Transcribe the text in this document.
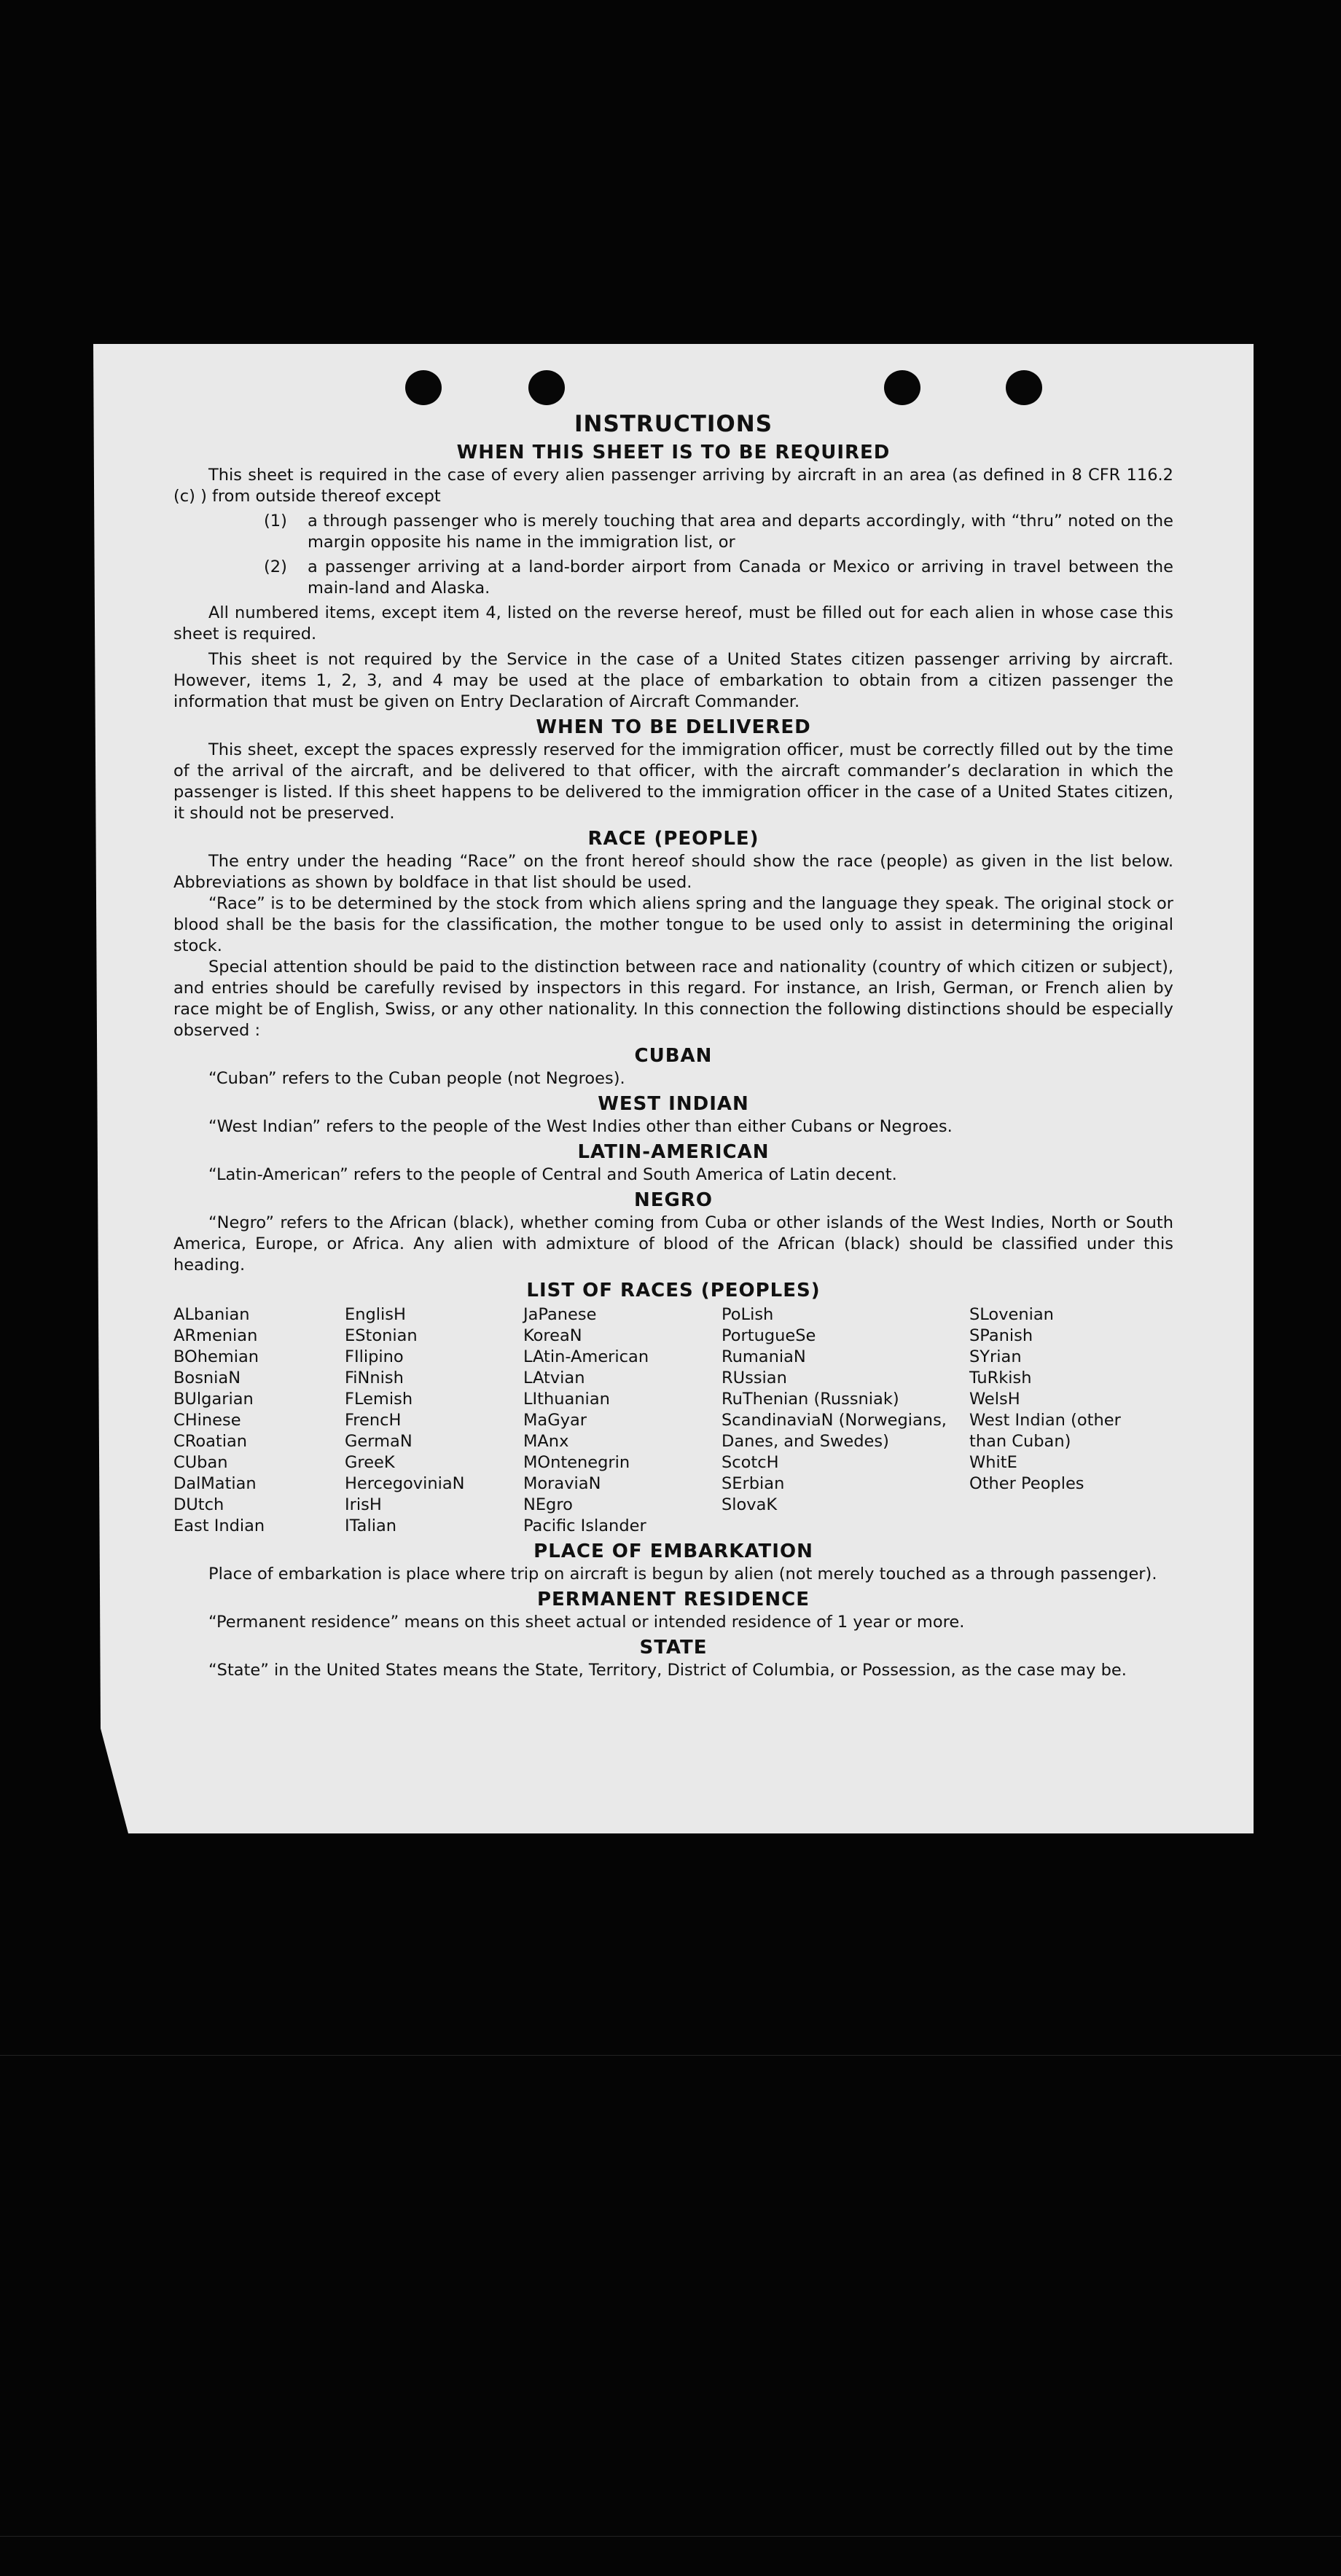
INSTRUCTIONS
WHEN THIS SHEET IS TO BE REQUIRED

This sheet is required in the case of every alien passenger arriving by aircraft in an area (as defined in 8 CFR 116.2 (c) ) from outside thereof except

(1)	a through passenger who is merely touching that area and departs accordingly, with “thru” noted on the margin opposite his name in the immigration list, or
(2)	a passenger arriving at a land-border airport from Canada or Mexico or arriving in travel between the main-land and Alaska.

All numbered items, except item 4, listed on the reverse hereof, must be filled out for each alien in whose case this sheet is required.

This sheet is not required by the Service in the case of a United States citizen passenger arriving by aircraft. However, items 1, 2, 3, and 4 may be used at the place of embarkation to obtain from a citizen passenger the information that must be given on Entry Declaration of Aircraft Commander.

WHEN TO BE DELIVERED

This sheet, except the spaces expressly reserved for the immigration officer, must be correctly filled out by the time of the arrival of the aircraft, and be delivered to that officer, with the aircraft commander’s declaration in which the passenger is listed. If this sheet happens to be delivered to the immigration officer in the case of a United States citizen, it should not be preserved.

RACE (PEOPLE)

The entry under the heading “Race” on the front hereof should show the race (people) as given in the list below. Abbreviations as shown by boldface in that list should be used.

“Race” is to be determined by the stock from which aliens spring and the language they speak. The original stock or blood shall be the basis for the classification, the mother tongue to be used only to assist in determining the original stock.

Special attention should be paid to the distinction between race and nationality (country of which citizen or subject), and entries should be carefully revised by inspectors in this regard. For instance, an Irish, German, or French alien by race might be of English, Swiss, or any other nationality. In this connection the following distinctions should be especially observed :

CUBAN

“Cuban” refers to the Cuban people (not Negroes).

WEST INDIAN

“West Indian” refers to the people of the West Indies other than either Cubans or Negroes.

LATIN-AMERICAN

“Latin-American” refers to the people of Central and South America of Latin decent.

NEGRO

“Negro” refers to the African (black), whether coming from Cuba or other islands of the West Indies, North or South America, Europe, or Africa. Any alien with admixture of blood of the African (black) should be classified under this heading.

LIST OF RACES (PEOPLES)
ALbanian
ARmenian
BOhemian
BosniaN
BUlgarian
CHinese
CRoatian
CUban
DalMatian
DUtch
East Indian
EnglisH
EStonian
FIlipino
FiNnish
FLemish
FrencH
GermaN
GreeK
HercegoviniaN
IrisH
ITalian
JaPanese
KoreaN
LAtin-American
LAtvian
LIthuanian
MaGyar
MAnx
MOntenegrin
MoraviaN
NEgro
Pacific Islander
PoLish
PortugueSe
RumaniaN
RUssian
RuThenian (Russniak)
ScandinaviaN (Norwegians, Danes, and Swedes)
ScotcH
SErbian
SlovaK
SLovenian
SPanish
SYrian
TuRkish
WelsH
West Indian (other than Cuban)
WhitE
Other Peoples
PLACE OF EMBARKATION

Place of embarkation is place where trip on aircraft is begun by alien (not merely touched as a through passenger).

PERMANENT RESIDENCE

“Permanent residence” means on this sheet actual or intended residence of 1 year or more.

STATE

“State” in the United States means the State, Territory, District of Columbia, or Possession, as the case may be.
